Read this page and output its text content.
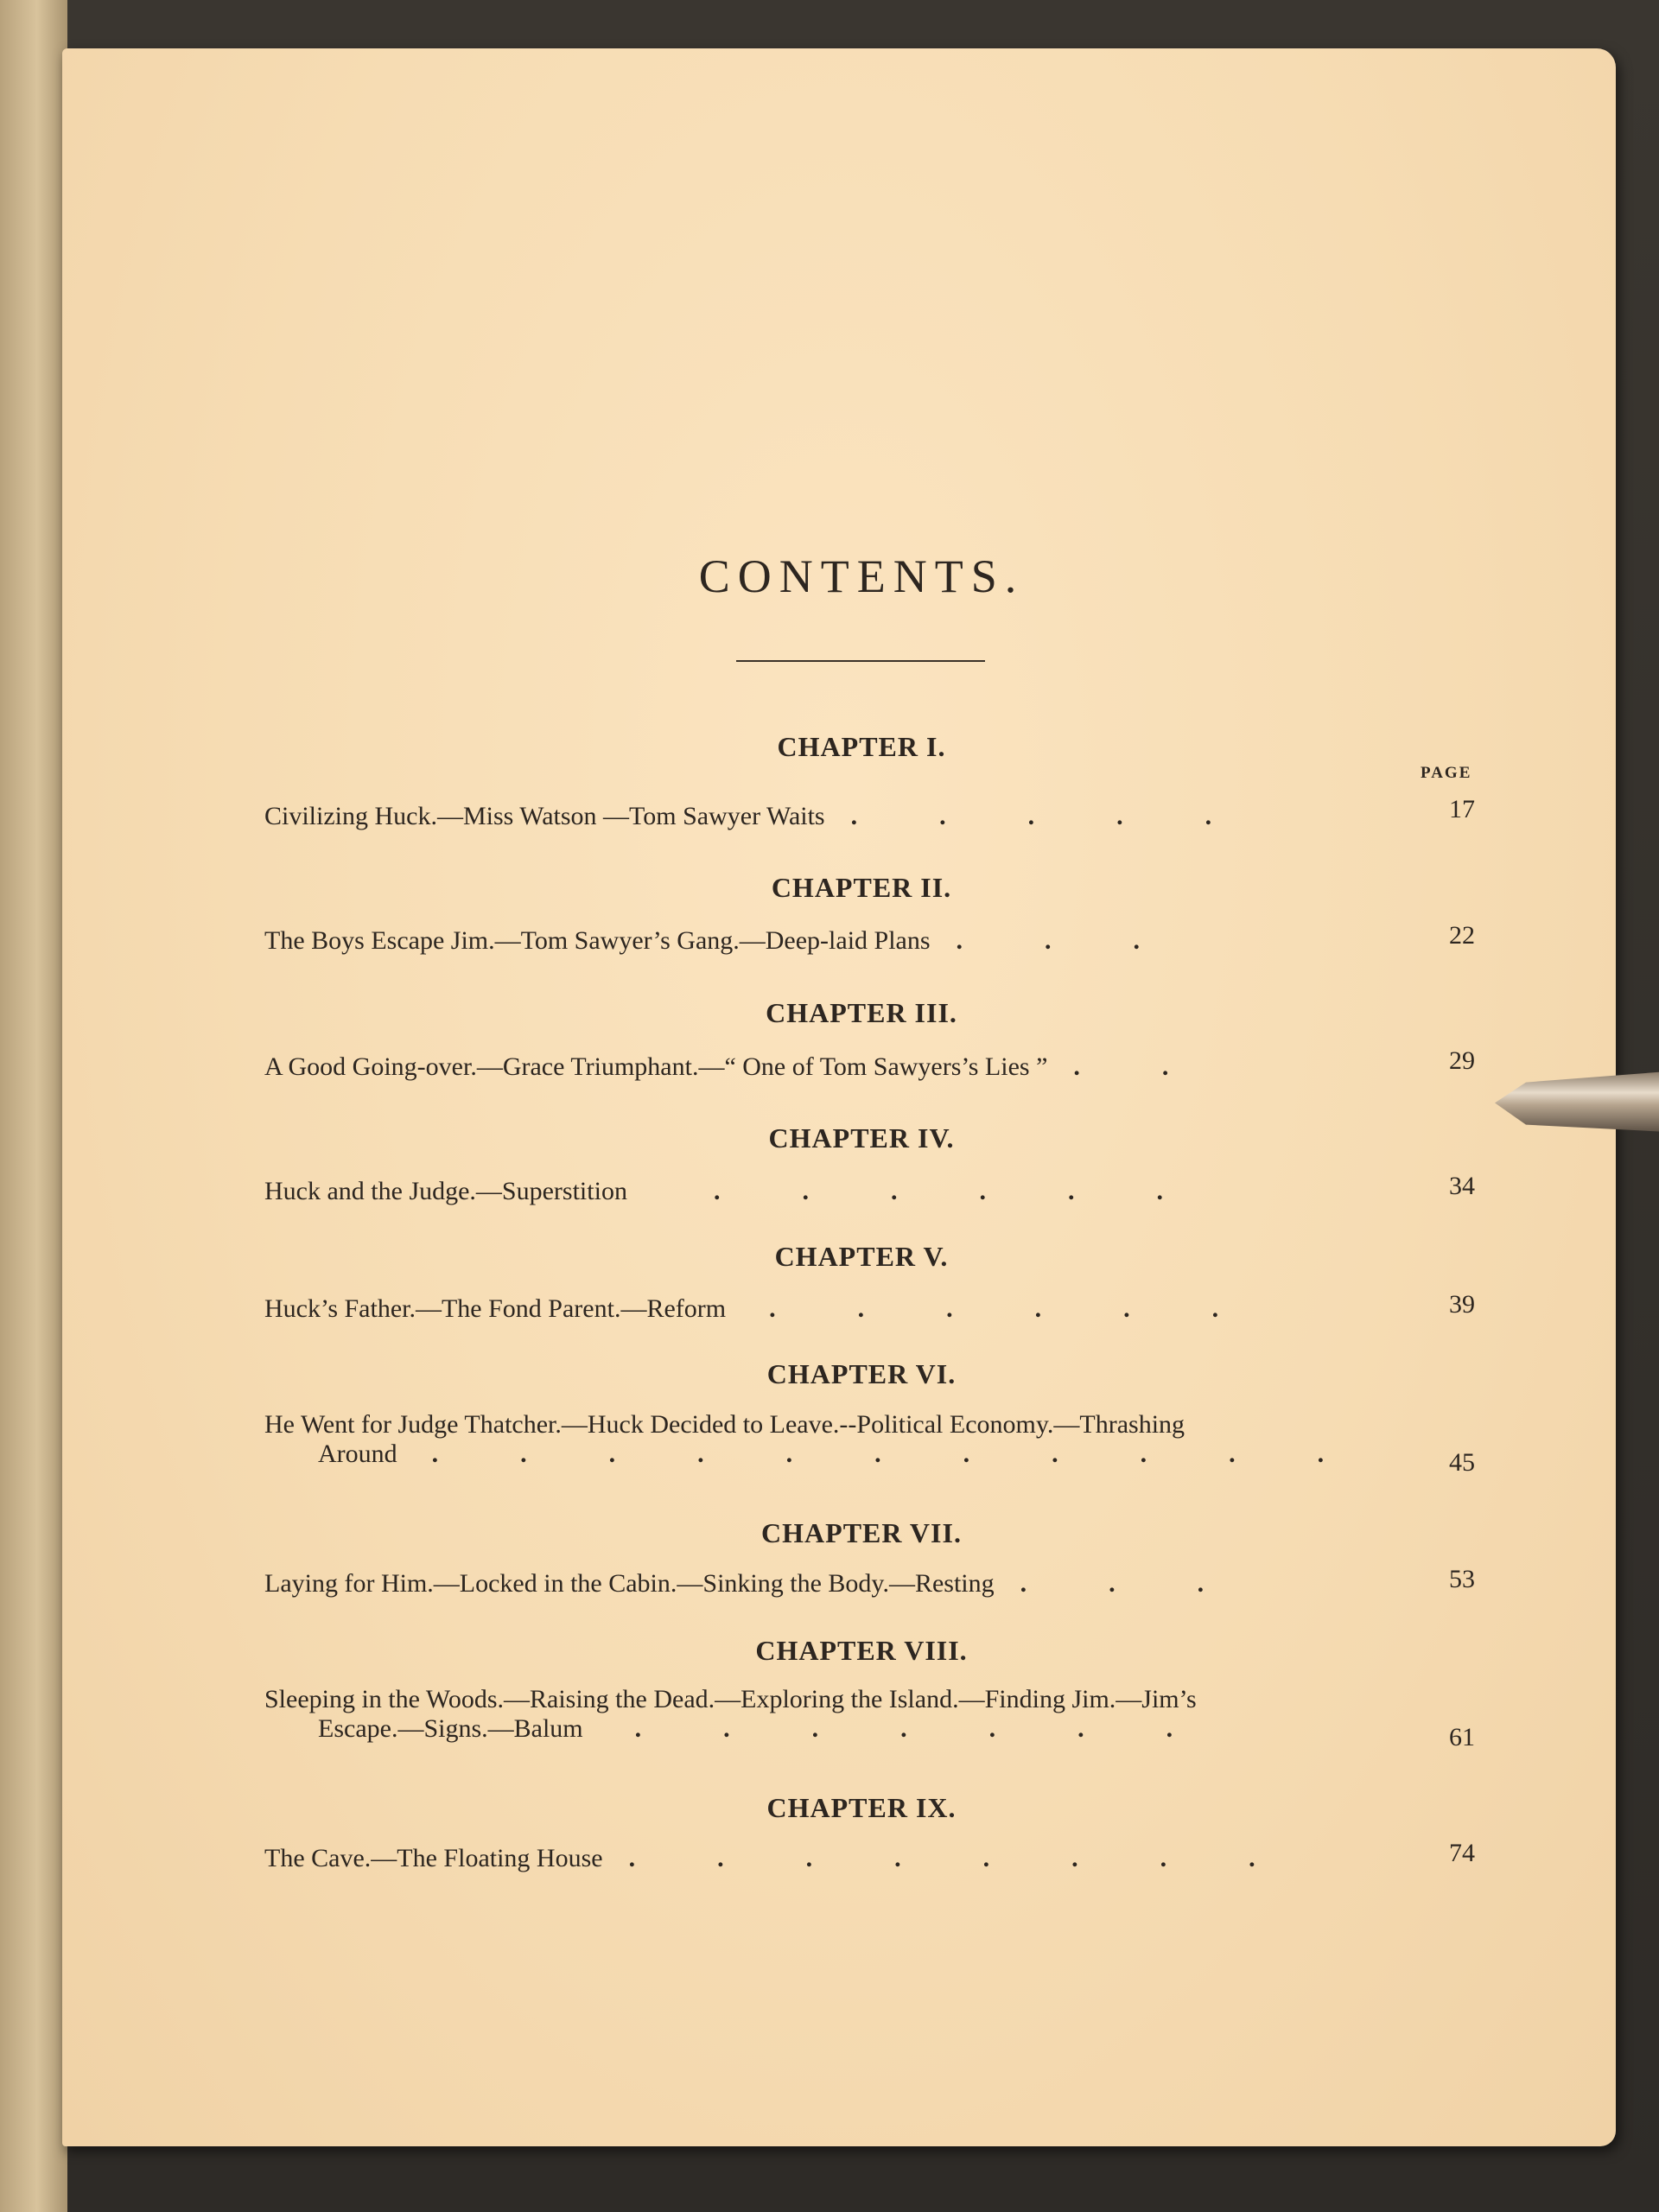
CONTENTS.
PAGE
CHAPTER I.
Civilizing Huck.—Miss Watson —Tom Sawyer Waits .....	17
CHAPTER II.
The Boys Escape Jim.—Tom Sawyer’s Gang.—Deep-laid Plans ...	22
CHAPTER III.
A Good Going-over.—Grace Triumphant.—“ One of Tom Sawyers’s Lies ” ..	29
CHAPTER IV.
Huck and the Judge.—Superstition	......	34
CHAPTER V.
Huck’s Father.—The Fond Parent.—Reform ......	39
CHAPTER VI.
He Went for Judge Thatcher.—Huck Decided to Leave.--Political Economy.—Thrashing
Around ...........	45
CHAPTER VII.
Laying for Him.—Locked in the Cabin.—Sinking the Body.—Resting ...	53
CHAPTER VIII.
Sleeping in the Woods.—Raising the Dead.—Exploring the Island.—Finding Jim.—Jim’s
Escape.—Signs.—Balum .......	61
CHAPTER IX.
The Cave.—The Floating House ........	74
